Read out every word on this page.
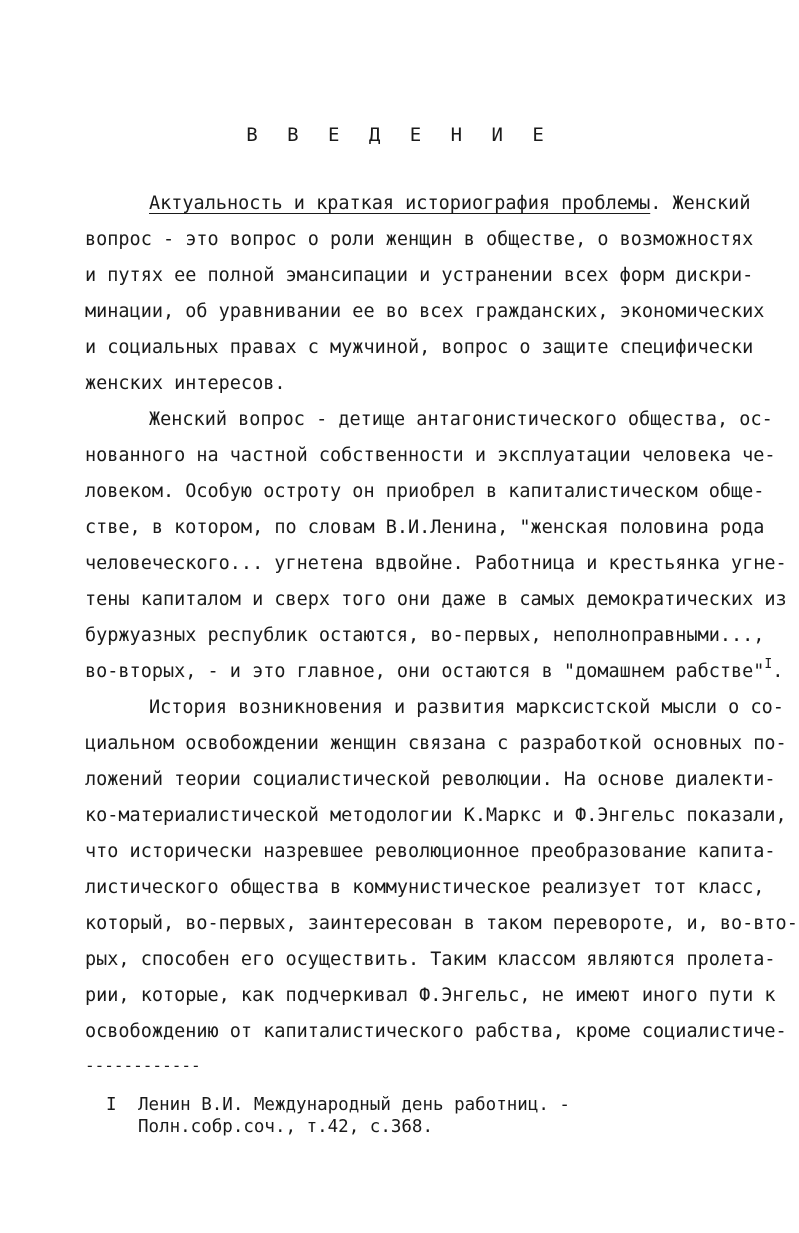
В В Е Д Е Н И Е
Актуальность и краткая историография проблемы. Женский
вопрос - это вопрос о роли женщин в обществе, о возможностях
и путях ее полной эмансипации и устранении всех форм дискри-
минации, об уравнивании ее во всех гражданских, экономических
и социальных правах с мужчиной, вопрос о защите специфически
женских интересов.
Женский вопрос - детище антагонистического общества, ос-
нованного на частной собственности и эксплуатации человека че-
ловеком. Особую остроту он приобрел в капиталистическом обще-
стве, в котором, по словам В.И.Ленина, "женская половина рода
человеческого... угнетена вдвойне. Работница и крестьянка угне-
тены капиталом и сверх того они даже в самых демократических из
буржуазных республик остаются, во-первых, неполноправными...,
во-вторых, - и это главное, они остаются в "домашнем рабстве"$^I$.
История возникновения и развития марксистской мысли о со-
циальном освобождении женщин связана с разработкой основных по-
ложений теории социалистической революции. На основе диалекти-
ко-материалистической методологии К.Маркс и Ф.Энгельс показали,
что исторически назревшее революционное преобразование капита-
листического общества в коммунистическое реализует тот класс,
который, во-первых, заинтересован в таком перевороте, и, во-вто-
рых, способен его осуществить. Таким классом являются пролета-
рии, которые, как подчеркивал Ф.Энгельс, не имеют иного пути к
освобождению от капиталистического рабства, кроме социалистиче-
------------
I Ленин В.И. Международный день работниц. -
Полн.собр.соч., т.42, с.368.
